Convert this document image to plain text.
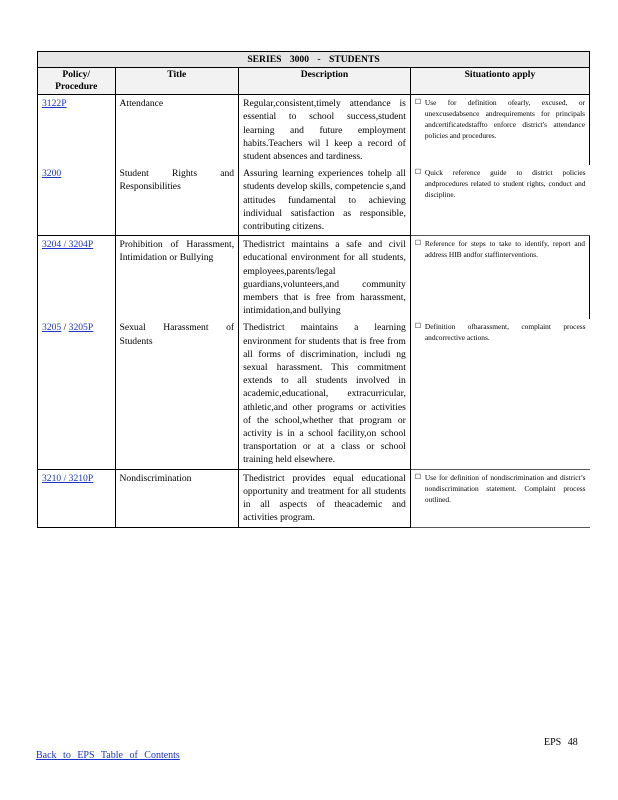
SERIES 3000 - STUDENTS			
Policy/ Procedure	Title	Description	Situationto apply
3122P	Attendance	Regular,consistent,timely attendance is essential to school success,student learning and future employment habits.Teachers wil l keep a record of student absences and tardiness.	☐ Use for definition ofearly, excused, or unexcusedabsence andrequirements for principals andcertificatedstaffto enforce district's attendance policies and procedures.

3200	Student Rights and Responsibilities	Assuring learning experiences tohelp all students develop skills, competencie s,and attitudes fundamental to achieving individual satisfaction as responsible, contributing citizens.	☐ Quick reference guide to district policies andprocedures related to student rights, conduct and discipline.

3204 / 3204P	Prohibition of Harassment, Intimidation or Bullying	Thedistrict maintains a safe and civil educational environment for all students, employees,parents/legal guardians,volunteers,and community members that is free from harassment, intimidation,and bullying	☐ Reference for steps to take to identify, report and address HIB andfor staffinterventions.

3205 / 3205P	Sexual Harassment of Students	Thedistrict maintains a learning environment for students that is free from all forms of discrimination, includi ng sexual harassment. This commitment extends to all students involved in academic,educational, extracurricular, athletic,and other programs or activities of the school,whether that program or activity is in a school facility,on school transportation or at a class or school training held elsewhere.	☐ Definition ofharassment, complaint process andcorrective actions.

3210 / 3210P	Nondiscrimination	Thedistrict provides equal educational opportunity and treatment for all students in all aspects of theacademic and activities program.	☐ Use for definition of nondiscrimination and district’s nondiscrimination statement. Complaint process outlined.
EPS 48
Back to EPS Table of Contents
